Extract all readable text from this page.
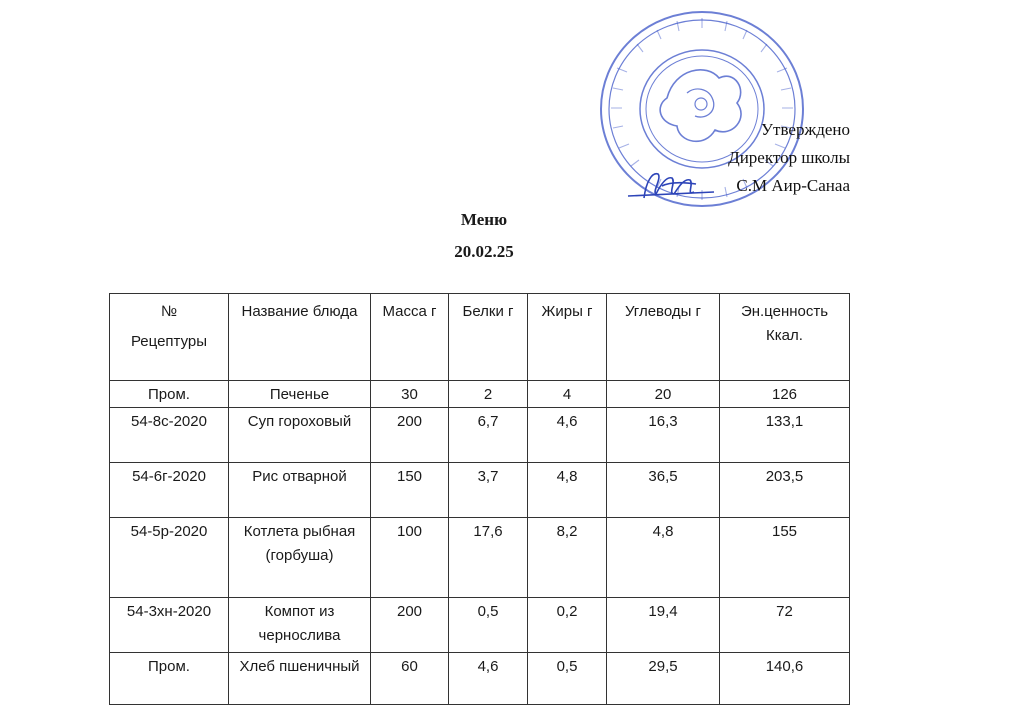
Утверждено
Директор школы
С.М Аир-Санаа
Меню
20.02.25
№
Рецептуры	Название блюда	Масса г	Белки г	Жиры г	Углеводы г	Эн.ценность Ккал.
Пром.	Печенье	30	2	4	20	126
54-8с-2020	Суп гороховый	200	6,7	4,6	16,3	133,1
54-6г-2020	Рис отварной	150	3,7	4,8	36,5	203,5
54-5р-2020	Котлета рыбная (горбуша)	100	17,6	8,2	4,8	155
54-3хн-2020	Компот из чернослива	200	0,5	0,2	19,4	72
Пром.	Хлеб пшеничный	60	4,6	0,5	29,5	140,6
